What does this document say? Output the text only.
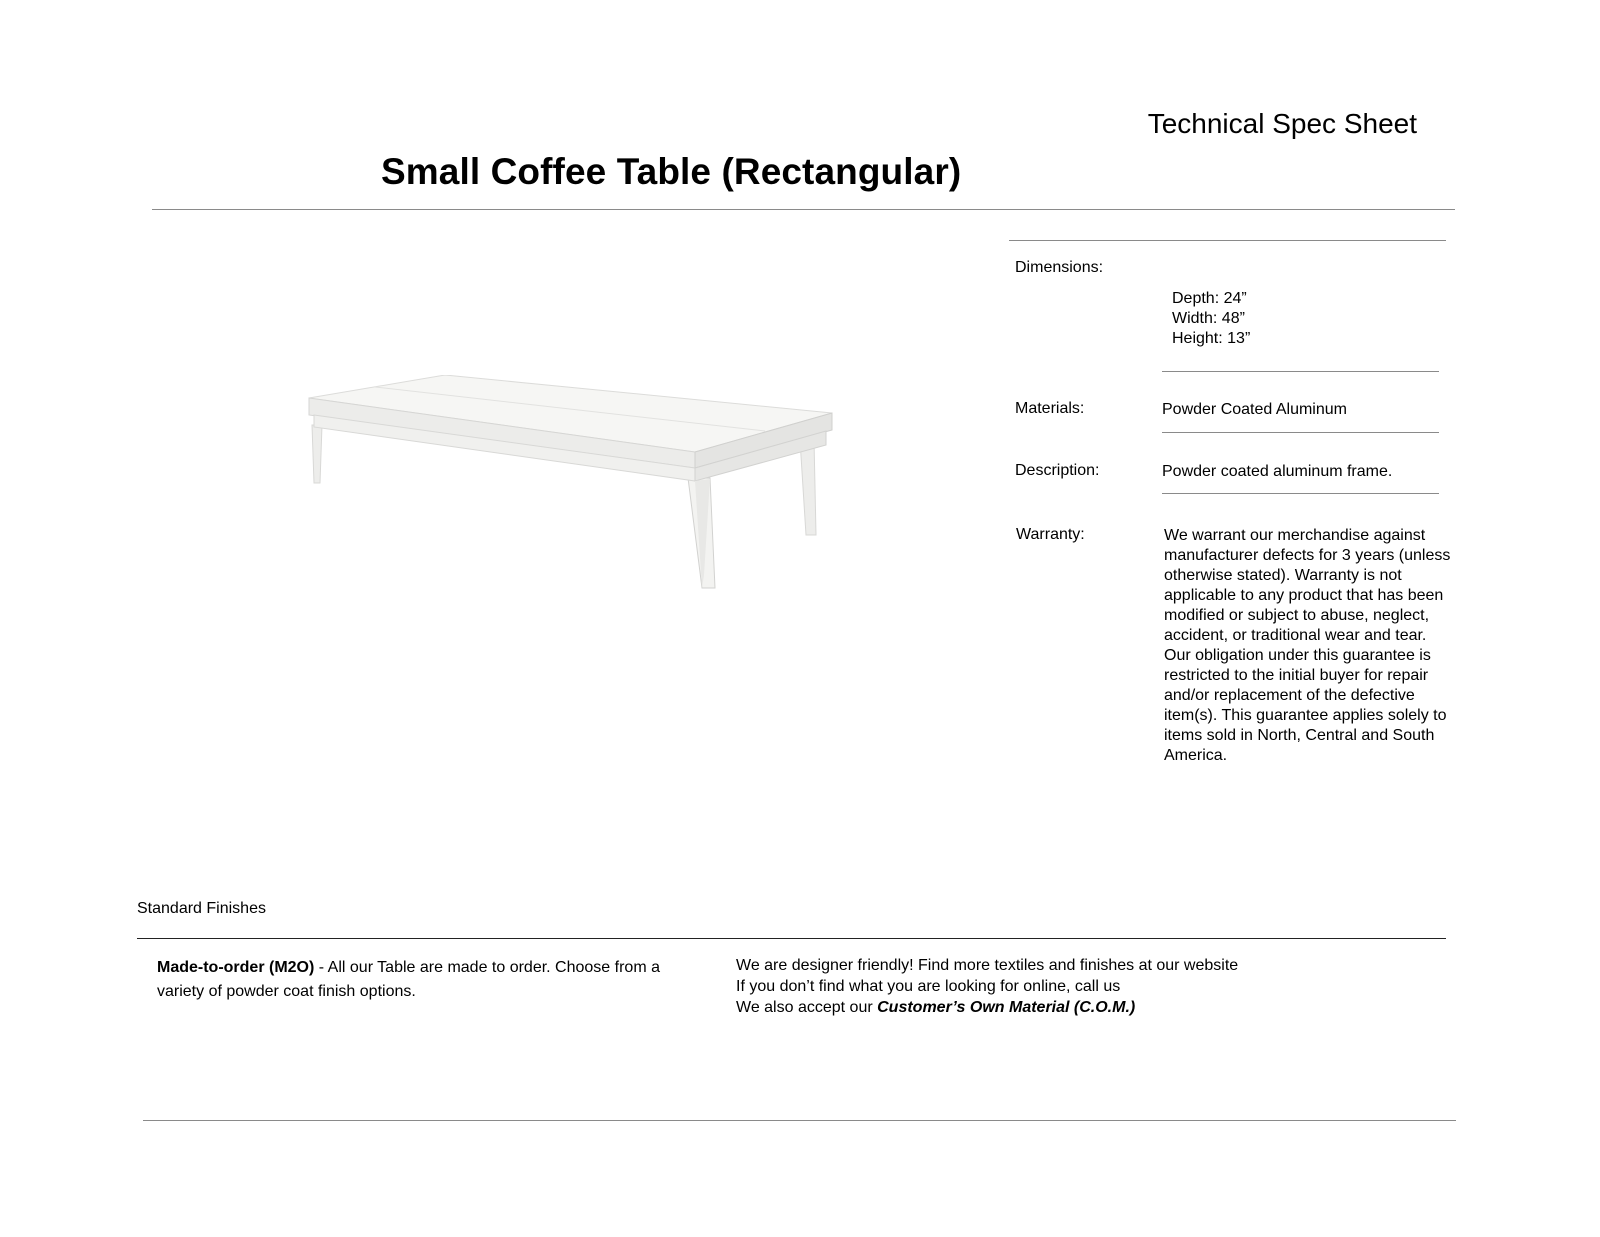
Technical Spec Sheet
Small Coffee Table (Rectangular)
Dimensions:
Depth: 24”
Width: 48”
Height: 13”
Materials:	Powder Coated Aluminum
Description:	Powder coated aluminum frame.
Warranty:	We warrant our merchandise against manufacturer defects for 3 years (unless otherwise stated). Warranty is not applicable to any product that has been modified or subject to abuse, neglect, accident, or traditional wear and tear.

Our obligation under this guarantee is restricted to the initial buyer for repair and/or replacement of the defective item(s). This guarantee applies solely to items sold in North, Central and South America.

Standard Finishes
Made-to-order (M2O) - All our Table are made to order. Choose from a variety of powder coat finish options.
We are designer friendly! Find more textiles and finishes at our website
If you don’t find what you are looking for online, call us
We also accept our Customer’s Own Material (C.O.M.)
